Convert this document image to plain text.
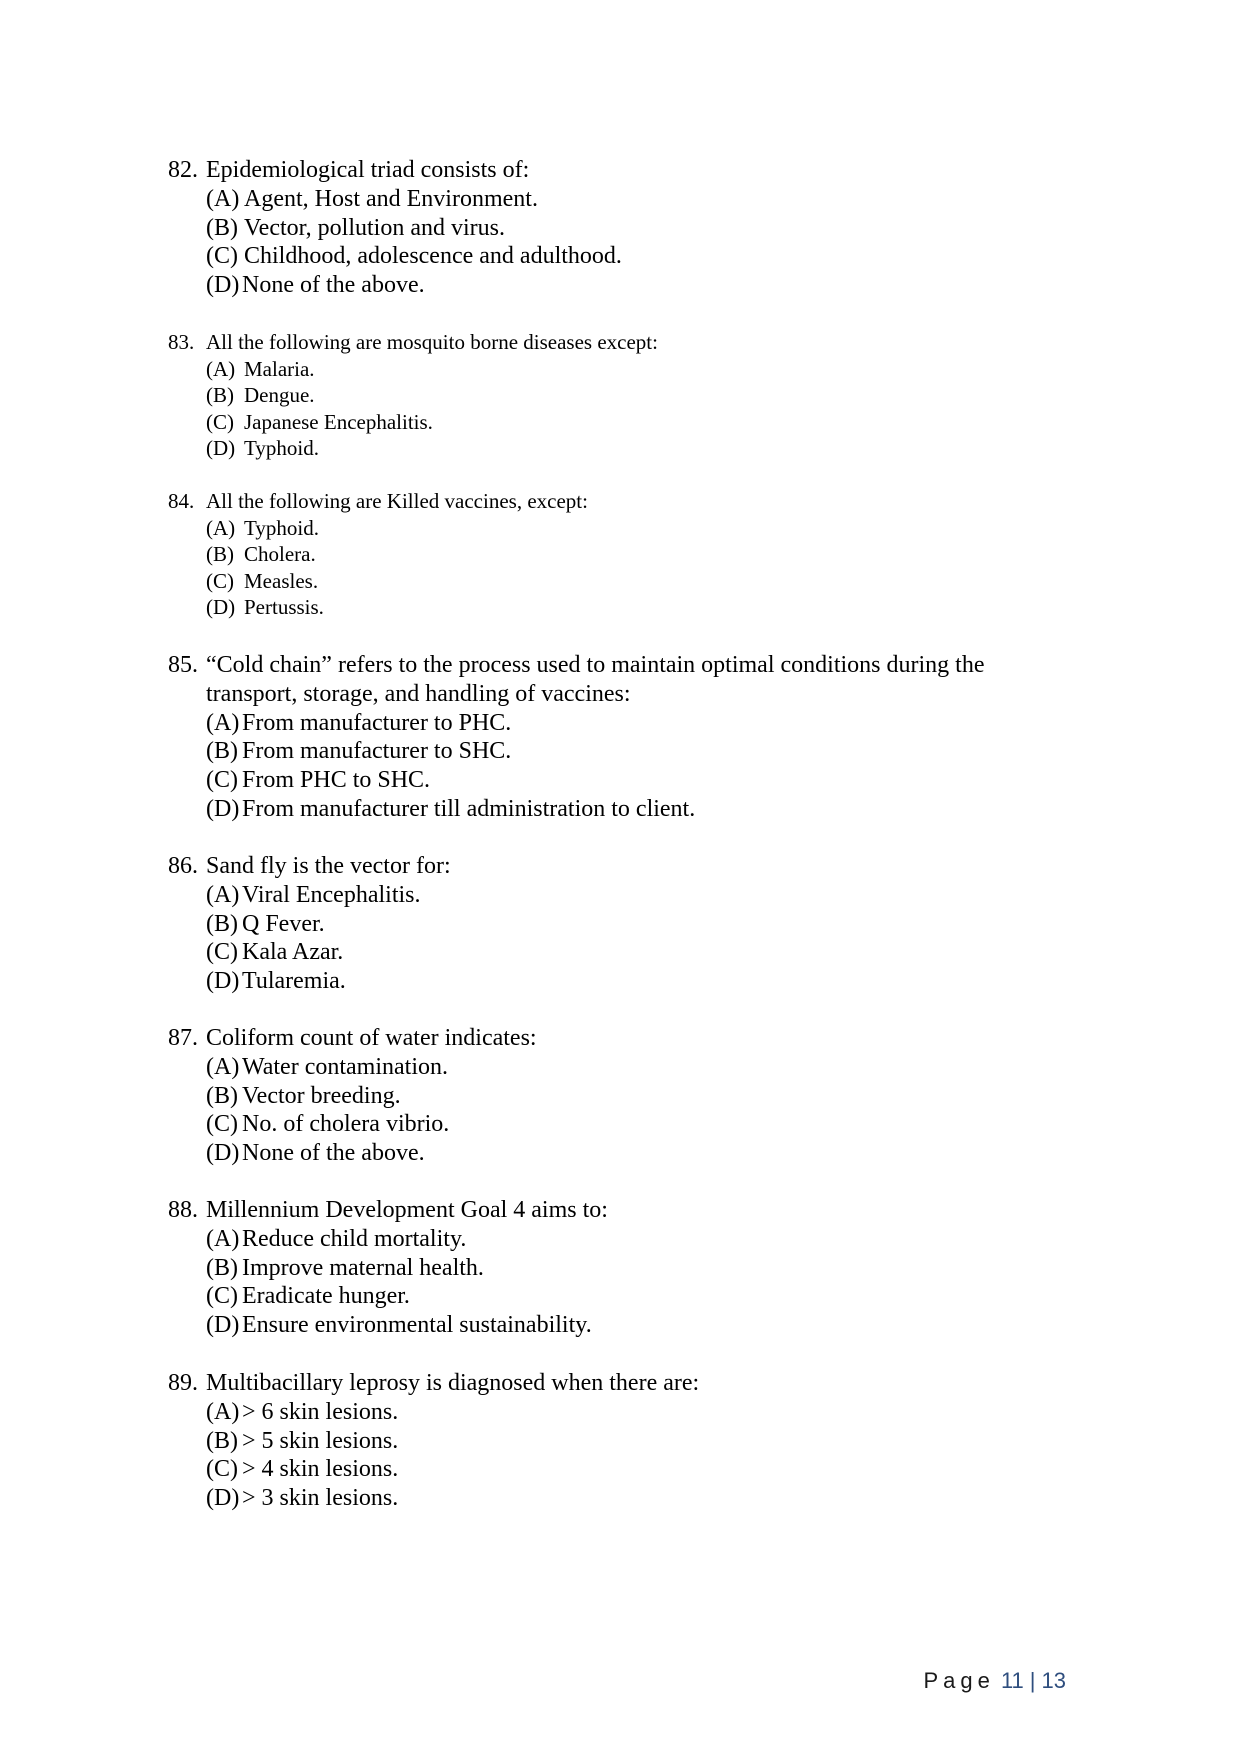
82. Epidemiological triad consists of:
(A) Agent, Host and Environment.
(B) Vector, pollution and virus.
(C) Childhood, adolescence and adulthood.
(D) None of the above.
83. All the following are mosquito borne diseases except:
(A) Malaria.
(B) Dengue.
(C) Japanese Encephalitis.
(D) Typhoid.
84. All the following are Killed vaccines, except:
(A) Typhoid.
(B) Cholera.
(C) Measles.
(D) Pertussis.
85. “Cold chain” refers to the process used to maintain optimal conditions during the
transport, storage, and handling of vaccines:
(A) From manufacturer to PHC.
(B) From manufacturer to SHC.
(C) From PHC to SHC.
(D) From manufacturer till administration to client.
86. Sand fly is the vector for:
(A) Viral Encephalitis.
(B) Q Fever.
(C) Kala Azar.
(D) Tularemia.
87. Coliform count of water indicates:
(A) Water contamination.
(B) Vector breeding.
(C) No. of cholera vibrio.
(D) None of the above.
88. Millennium Development Goal 4 aims to:
(A) Reduce child mortality.
(B) Improve maternal health.
(C) Eradicate hunger.
(D) Ensure environmental sustainability.
89. Multibacillary leprosy is diagnosed when there are:
(A) > 6 skin lesions.
(B) > 5 skin lesions.
(C) > 4 skin lesions.
(D) > 3 skin lesions.
Page 11 | 13
